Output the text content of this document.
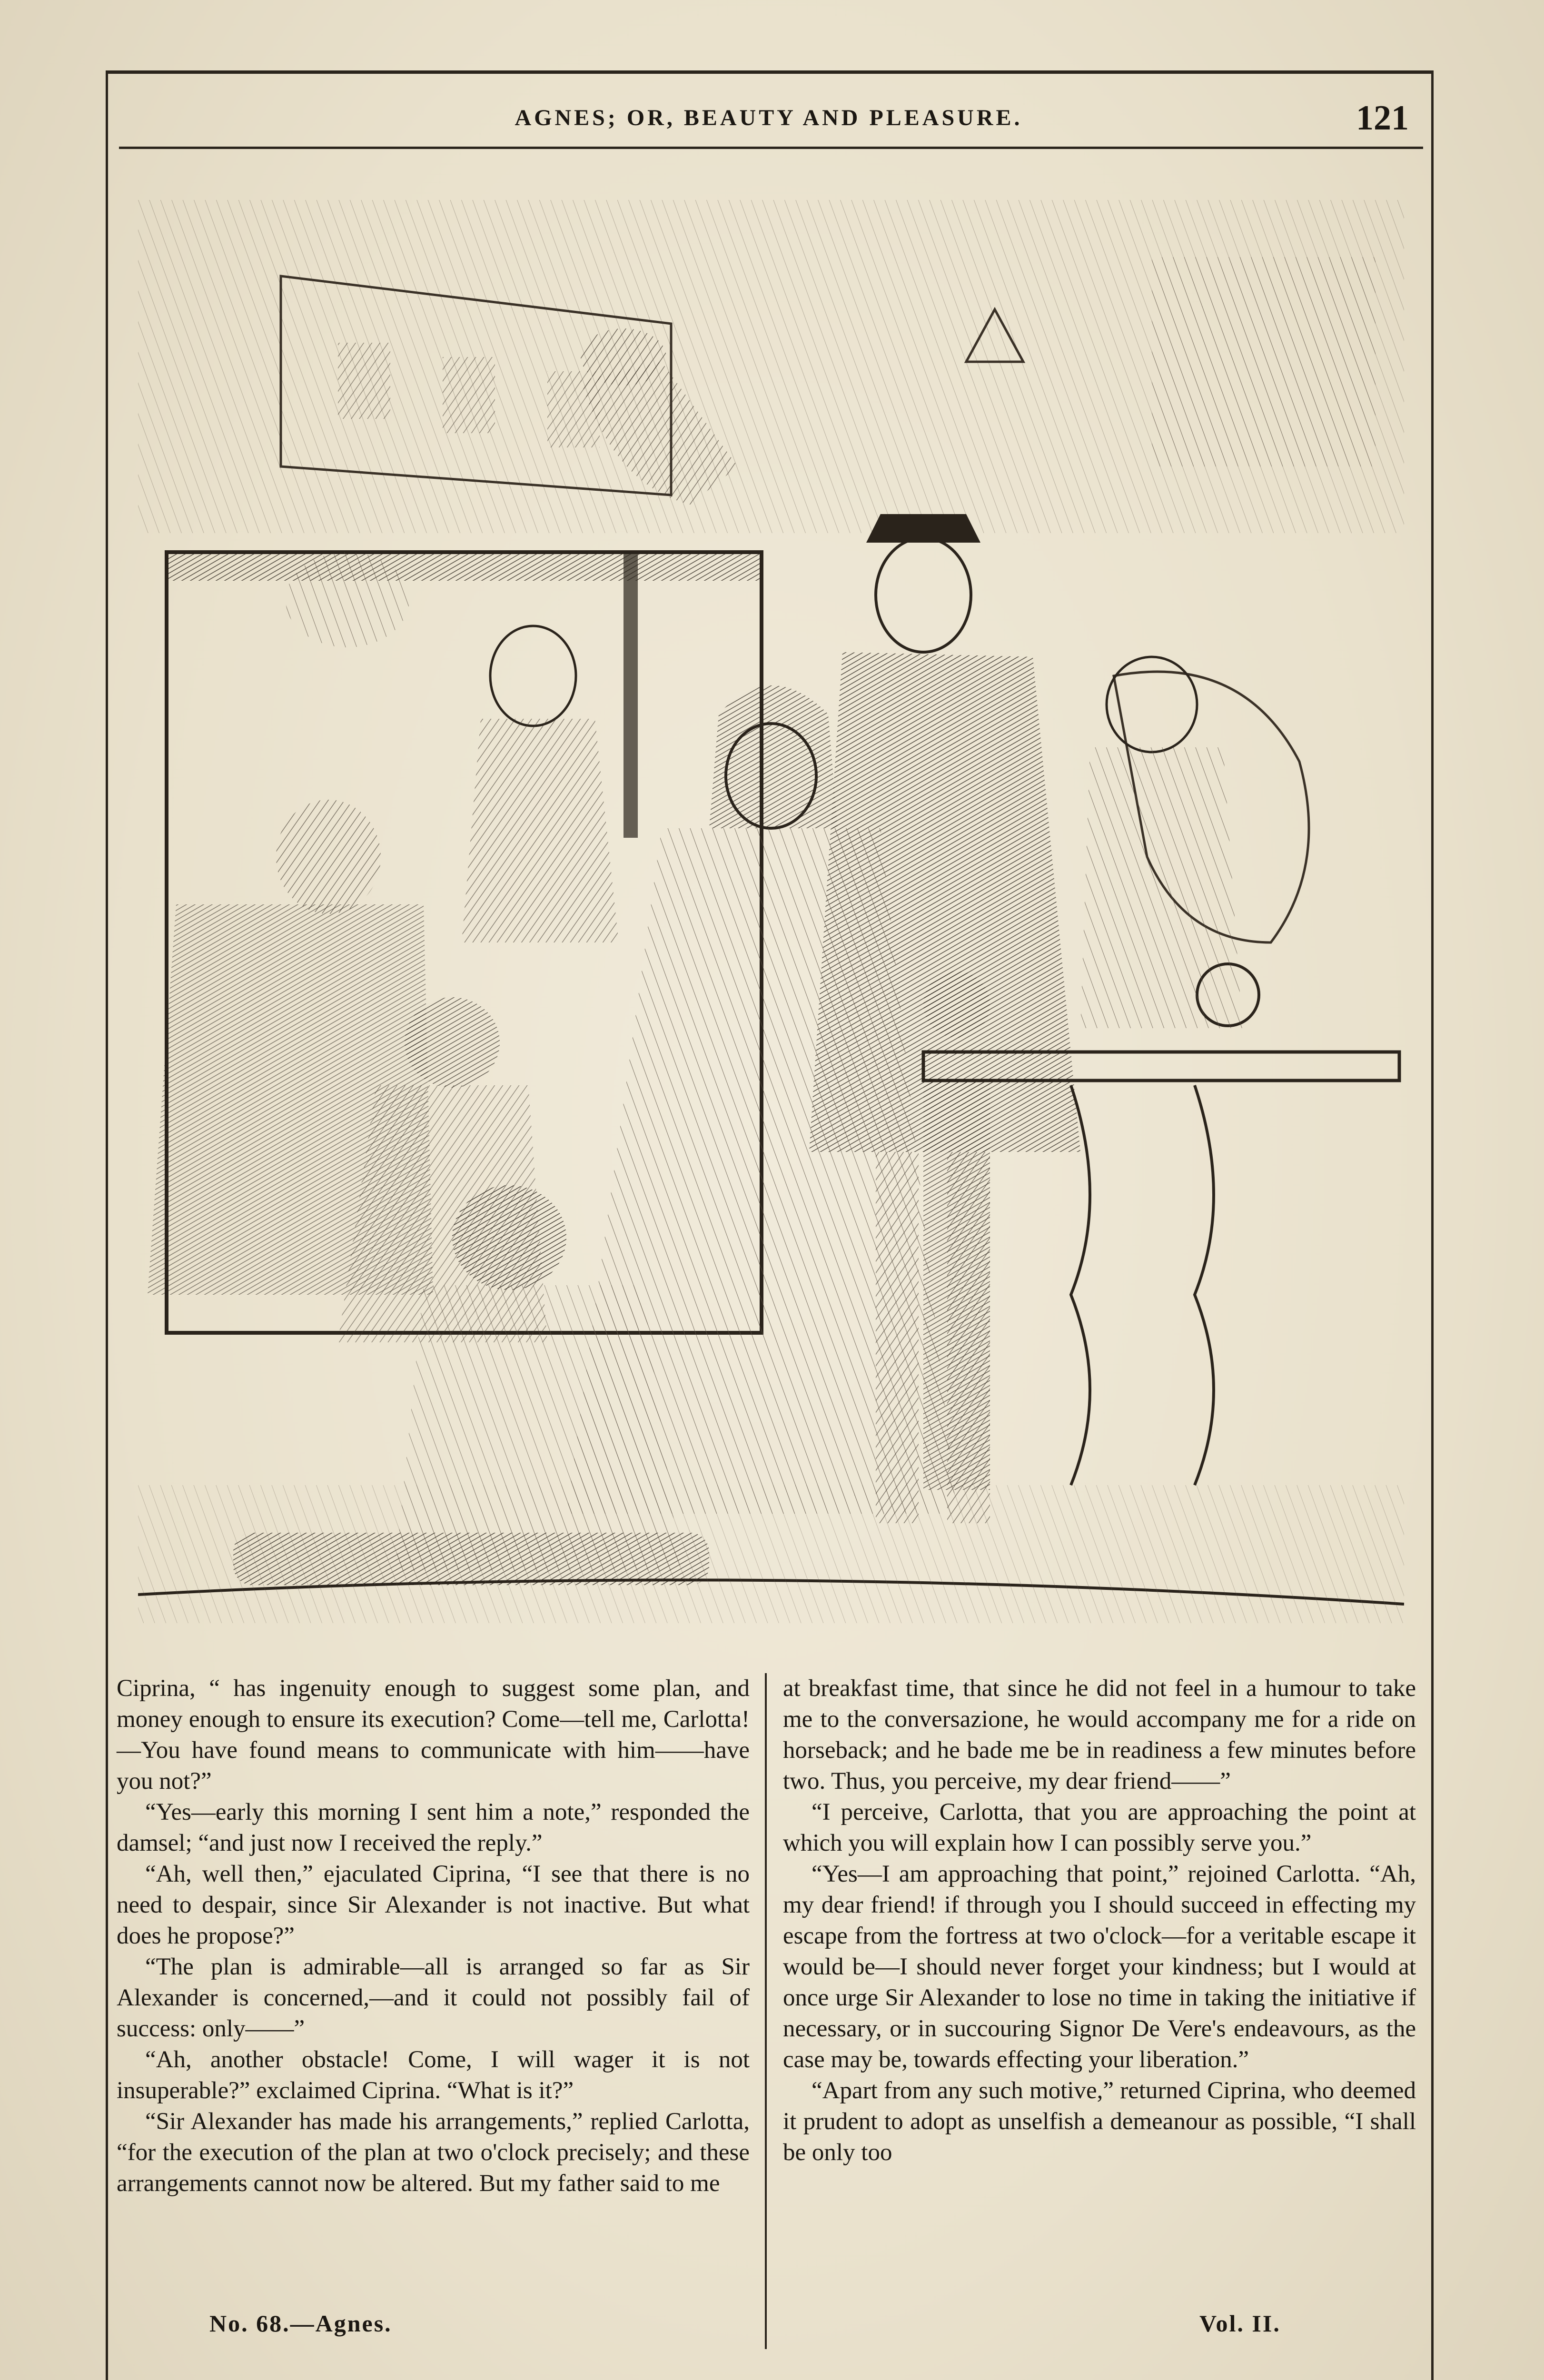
AGNES; OR, BEAUTY AND PLEASURE.	121

Ciprina, “ has ingenuity enough to suggest some plan, and money enough to ensure its execution? Come—tell me, Carlotta!—You have found means to communicate with him——have you not?”

“Yes—early this morning I sent him a note,” responded the damsel; “and just now I received the reply.”

“Ah, well then,” ejaculated Ciprina, “I see that there is no need to despair, since Sir Alexander is not inactive. But what does he propose?”

“The plan is admirable—all is arranged so far as Sir Alexander is concerned,—and it could not possibly fail of success: only——”

“Ah, another obstacle! Come, I will wager it is not insuperable?” exclaimed Ciprina. “What is it?”

“Sir Alexander has made his arrangements,” replied Carlotta, “for the execution of the plan at two o'clock precisely; and these arrangements cannot now be altered. But my father said to me

at breakfast time, that since he did not feel in a humour to take me to the conversazione, he would accompany me for a ride on horseback; and he bade me be in readiness a few minutes before two. Thus, you perceive, my dear friend——”

“I perceive, Carlotta, that you are approaching the point at which you will explain how I can possibly serve you.”

“Yes—I am approaching that point,” rejoined Carlotta. “Ah, my dear friend! if through you I should succeed in effecting my escape from the fortress at two o'clock—for a veritable escape it would be—I should never forget your kindness; but I would at once urge Sir Alexander to lose no time in taking the initiative if necessary, or in succouring Signor De Vere's endeavours, as the case may be, towards effecting your liberation.”

“Apart from any such motive,” returned Ciprina, who deemed it prudent to adopt as unselfish a demeanour as possible, “I shall be only too

No. 68.—Agnes.	Vol. II.
